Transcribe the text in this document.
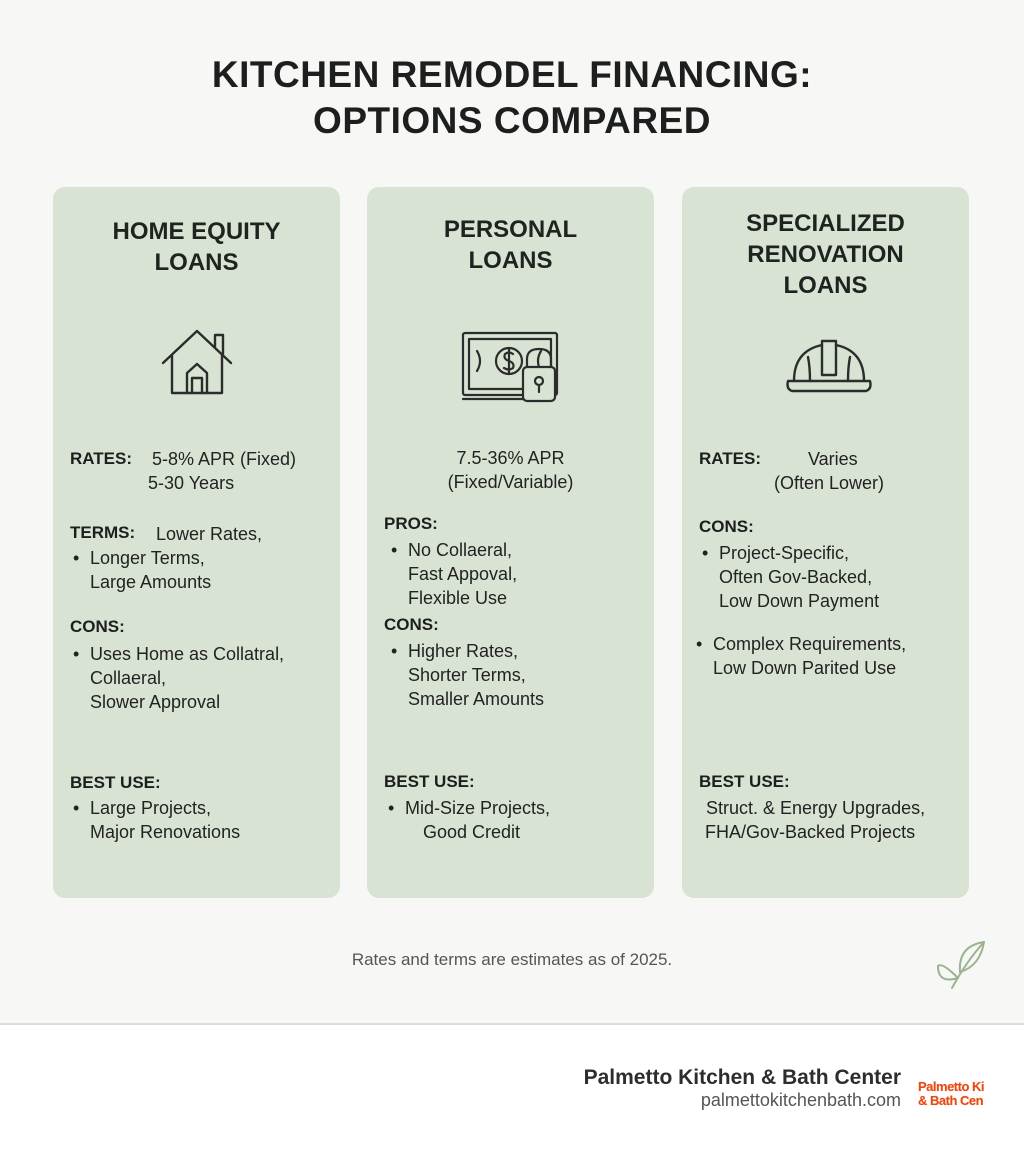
KITCHEN REMODEL FINANCING:
OPTIONS COMPARED
HOME EQUITY
LOANS
RATES: 5-8% APR (Fixed)
5-30 Years
TERMS: Lower Rates,
• Longer Terms,
Large Amounts
CONS:
• Uses Home as Collatral,
Collaeral,
Slower Approval
BEST USE:
• Large Projects,
Major Renovations
PERSONAL
LOANS
7.5-36% APR
(Fixed/Variable)
PROS:
• No Collaeral,
Fast Appoval,
Flexible Use
CONS:
• Higher Rates,
Shorter Terms,
Smaller Amounts
BEST USE:
• Mid-Size Projects,
Good Credit
SPECIALIZED
RENOVATION
LOANS
RATES:	Varies
(Often Lower)
CONS:
• Project-Specific,
Often Gov-Backed,
Low Down Payment
• Complex Requirements,
Low Down Parited Use
BEST USE:
Struct. & Energy Upgrades,
FHA/Gov-Backed Projects
Rates and terms are estimates as of 2025.
Palmetto Kitchen & Bath Center
palmettokitchenbath.com
Palmetto Ki
& Bath Cen
